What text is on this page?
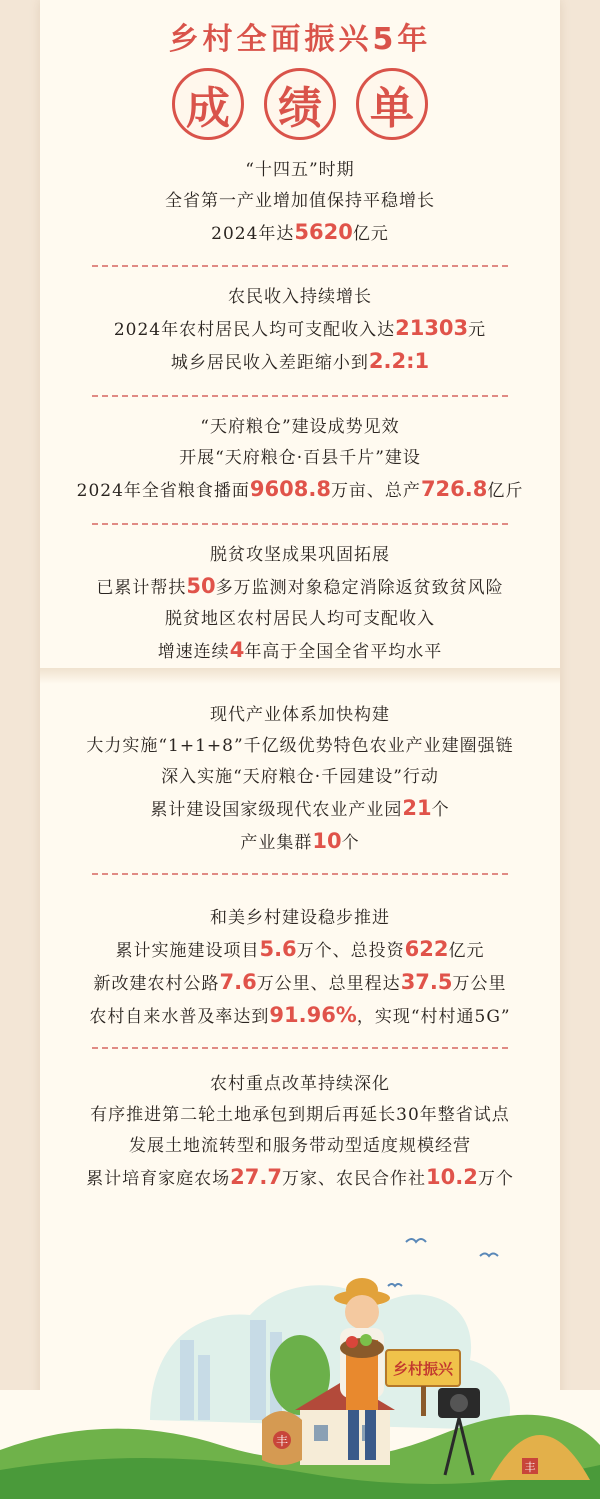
乡村全面振兴5年
成	绩	单
“十四五”时期
全省第一产业增加值保持平稳增长
2024年达5620亿元
农民收入持续增长
2024年农村居民人均可支配收入达21303元
城乡居民收入差距缩小到2.2:1
“天府粮仓”建设成势见效
开展“天府粮仓·百县千片”建设
2024年全省粮食播面9608.8万亩、总产726.8亿斤
脱贫攻坚成果巩固拓展
已累计帮扶50多万监测对象稳定消除返贫致贫风险
脱贫地区农村居民人均可支配收入
增速连续4年高于全国全省平均水平
现代产业体系加快构建
大力实施“1+1+8”千亿级优势特色农业产业建圈强链
深入实施“天府粮仓·千园建设”行动
累计建设国家级现代农业产业园21个
产业集群10个
和美乡村建设稳步推进
累计实施建设项目5.6万个、总投资622亿元
新改建农村公路7.6万公里、总里程达37.5万公里
农村自来水普及率达到91.96%，实现“村村通5G”
农村重点改革持续深化
有序推进第二轮土地承包到期后再延长30年整省试点
发展土地流转型和服务带动型适度规模经营
累计培育家庭农场27.7万家、农民合作社10.2万个
丰
乡村振兴
丰
